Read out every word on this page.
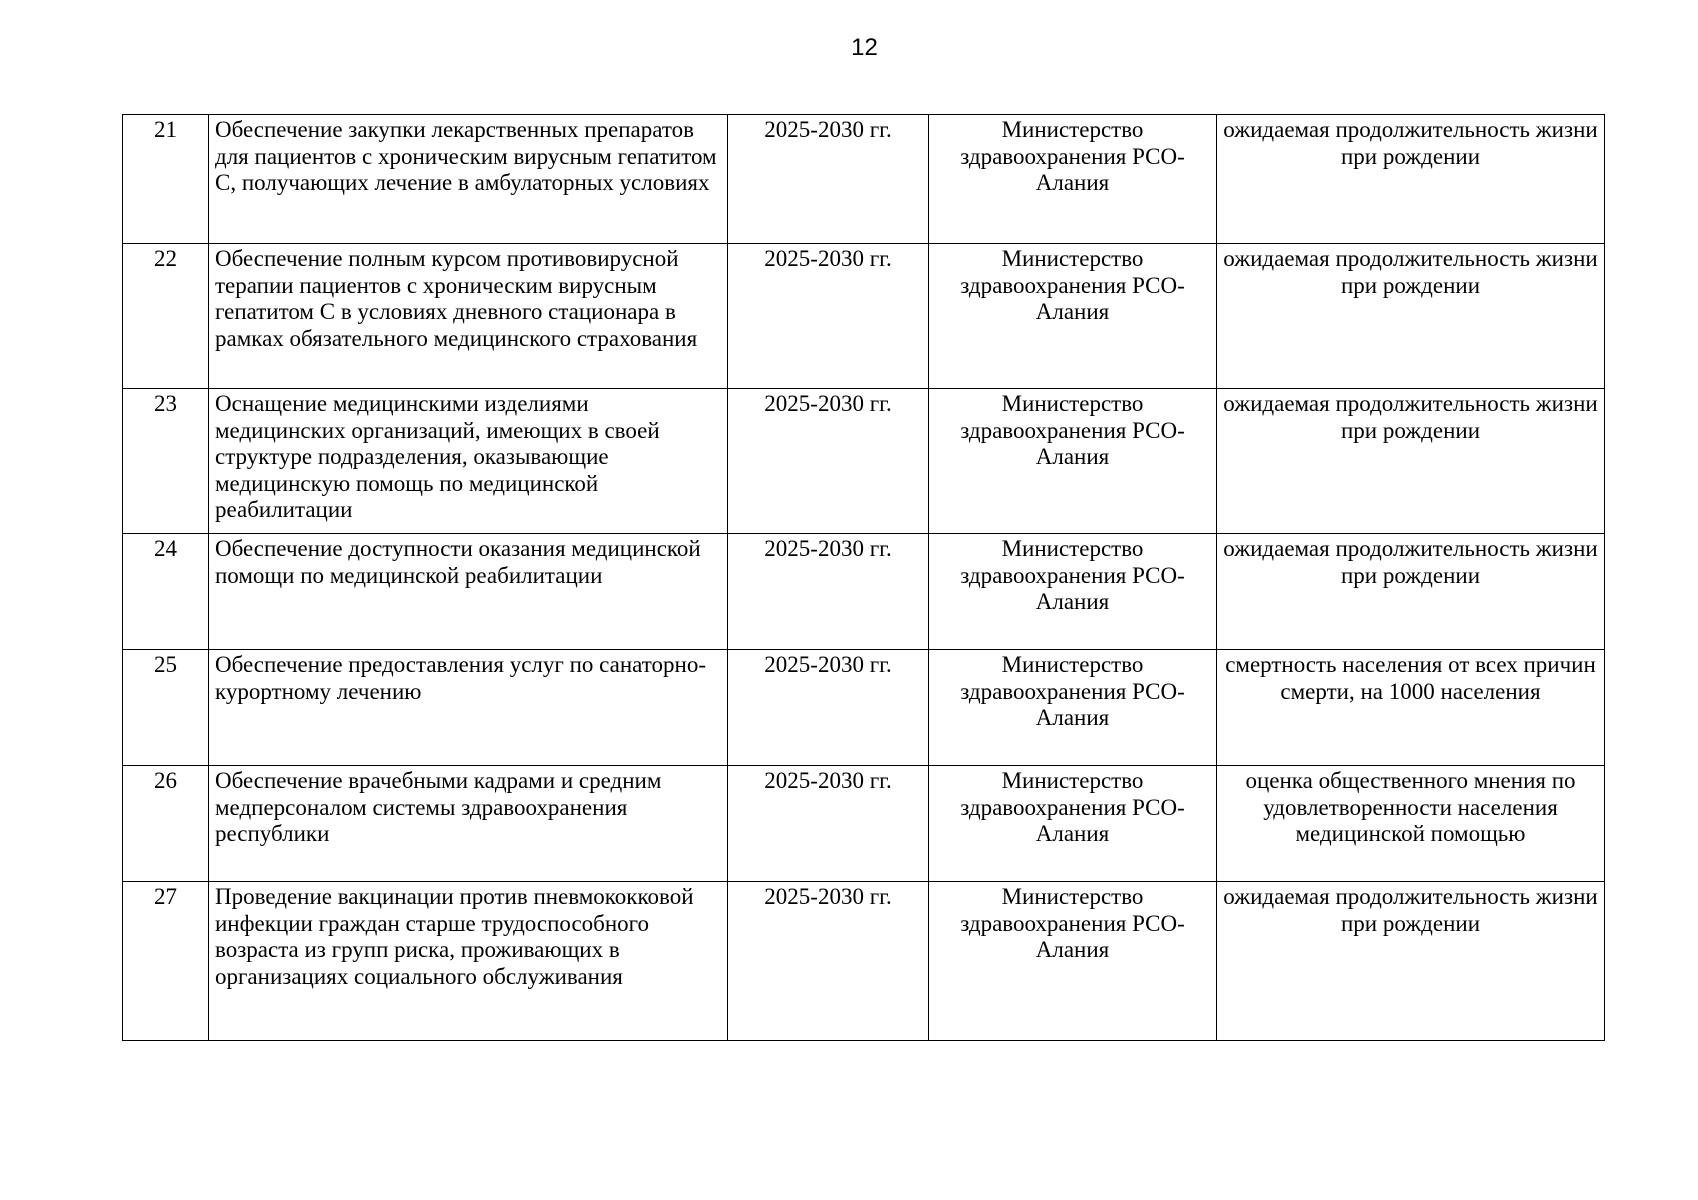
12
21	Обеспечение закупки лекарственных препаратов для пациентов с хроническим вирусным гепатитом С, получающих лечение в амбулаторных условиях	2025-2030 гг.	Министерство здравоохранения РСО-Алания	ожидаемая продолжительность жизни при рождении
22	Обеспечение полным курсом противовирусной терапии пациентов с хроническим вирусным гепатитом С в условиях дневного стационара в рамках обязательного медицинского страхования	2025-2030 гг.	Министерство здравоохранения РСО-Алания	ожидаемая продолжительность жизни при рождении
23	Оснащение медицинскими изделиями медицинских организаций, имеющих в своей структуре подразделения, оказывающие медицинскую помощь по медицинской реабилитации	2025-2030 гг.	Министерство здравоохранения РСО-Алания	ожидаемая продолжительность жизни при рождении
24	Обеспечение доступности оказания медицинской помощи по медицинской реабилитации	2025-2030 гг.	Министерство здравоохранения РСО-Алания	ожидаемая продолжительность жизни при рождении
25	Обеспечение предоставления услуг по санаторно-курортному лечению	2025-2030 гг.	Министерство здравоохранения РСО-Алания	смертность населения от всех причин смерти, на 1000 населения
26	Обеспечение врачебными кадрами и средним медперсоналом системы здравоохранения республики	2025-2030 гг.	Министерство здравоохранения РСО-Алания	оценка общественного мнения по удовлетворенности населения медицинской помощью
27	Проведение вакцинации против пневмококковой инфекции граждан старше трудоспособного возраста из групп риска, проживающих в организациях социального обслуживания	2025-2030 гг.	Министерство здравоохранения РСО-Алания	ожидаемая продолжительность жизни при рождении
